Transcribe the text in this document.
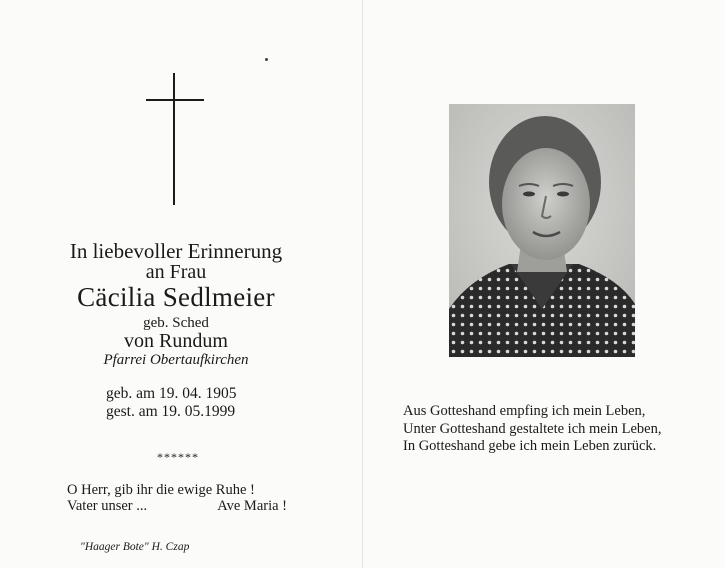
In liebevoller Erinnerung
an Frau
Cäcilia Sedlmeier
geb. Sched
von Rundum
Pfarrei Obertaufkirchen
geb. am 19. 04. 1905
gest. am 19. 05.1999
******
O Herr, gib ihr die ewige Ruhe !
Vater unser ...	Ave Maria !
"Haager Bote" H. Czap
Aus Gotteshand empfing ich mein Leben,
Unter Gotteshand gestaltete ich mein Leben,
In Gotteshand gebe ich mein Leben zurück.
